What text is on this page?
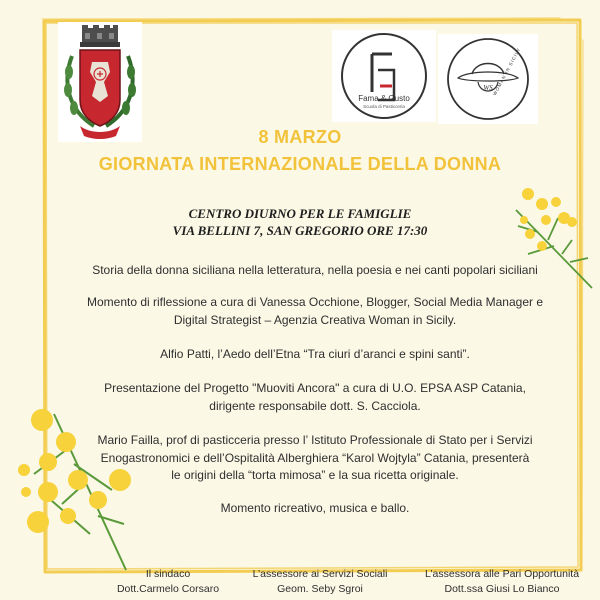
Fama & Gusto
Scuola di Pasticceria
WS WOMAN IN SICILY
8 MARZO
GIORNATA INTERNAZIONALE DELLA DONNA
CENTRO DIURNO PER LE FAMIGLIE
VIA BELLINI 7, SAN GREGORIO ORE 17:30
Storia della donna siciliana nella letteratura, nella poesia e nei canti popolari siciliani
Momento di riflessione a cura di Vanessa Occhione, Blogger, Social Media Manager e
Digital Strategist – Agenzia Creativa Woman in Sicily.
Alfio Patti, l’Aedo dell’Etna “Tra ciuri d’aranci e spini santi”.
Presentazione del Progetto "Muoviti Ancora" a cura di U.O. EPSA ASP Catania,
dirigente responsabile dott. S. Cacciola.
Mario Failla, prof di pasticceria presso l’ Istituto Professionale di Stato per i Servizi
Enogastronomici e dell’Ospitalità Alberghiera “Karol Wojtyla” Catania, presenterà
le origini della “torta mimosa” e la sua ricetta originale.
Momento ricreativo, musica e ballo.
Il sindaco
Dott.Carmelo Corsaro
L’assessore ai Servizi Sociali
Geom. Seby Sgroi
L’assessora alle Pari Opportunità
Dott.ssa Giusi Lo Bianco
